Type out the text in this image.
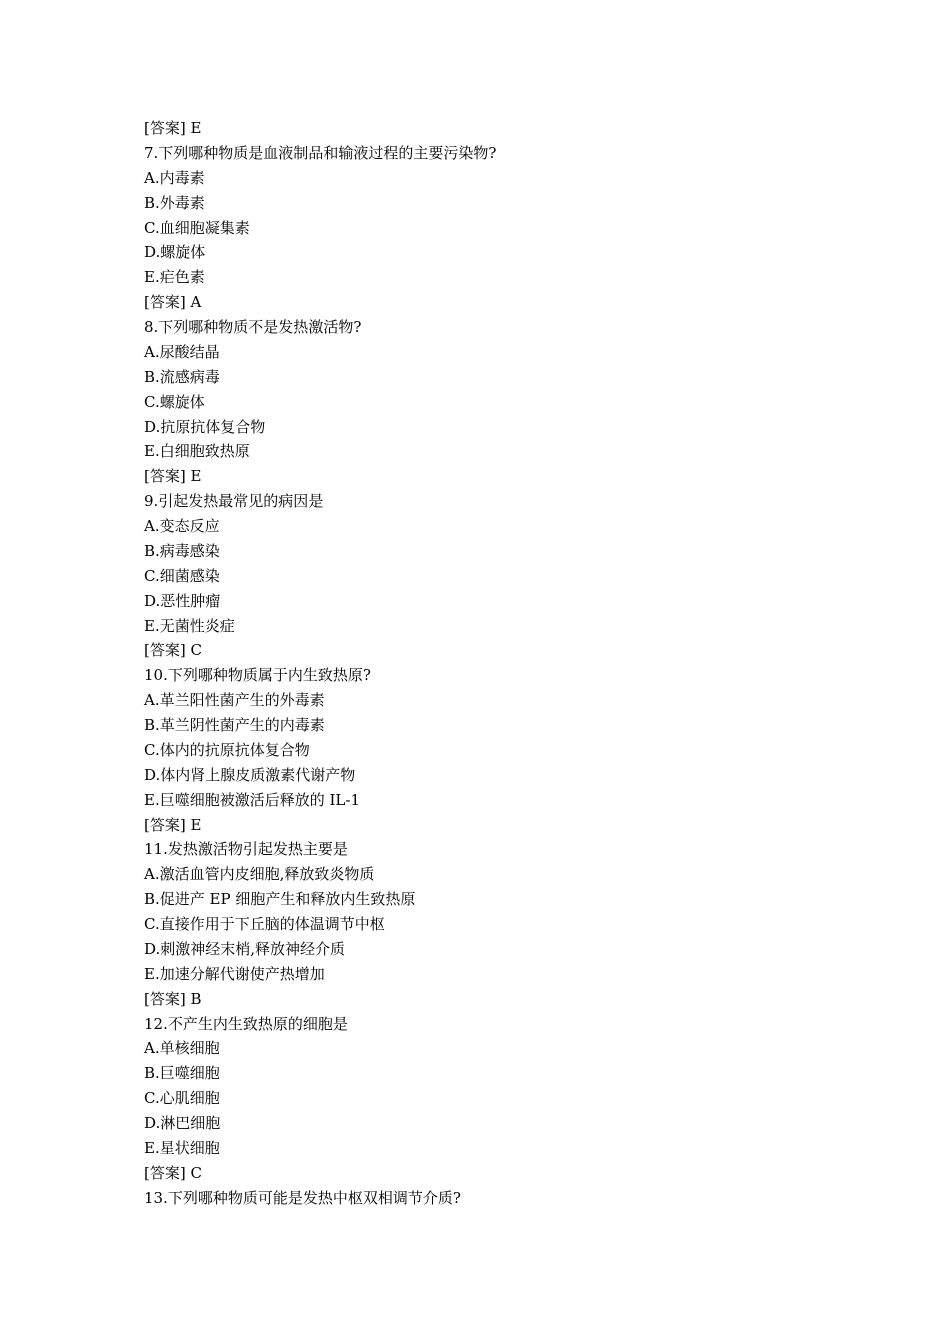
[答案] E
7.下列哪种物质是血液制品和输液过程的主要污染物?
A.内毒素
B.外毒素
C.血细胞凝集素
D.螺旋体
E.疟色素
[答案] A
8.下列哪种物质不是发热激活物?
A.尿酸结晶
B.流感病毒
C.螺旋体
D.抗原抗体复合物
E.白细胞致热原
[答案] E
9.引起发热最常见的病因是
A.变态反应
B.病毒感染
C.细菌感染
D.恶性肿瘤
E.无菌性炎症
[答案] C
10.下列哪种物质属于内生致热原?
A.革兰阳性菌产生的外毒素
B.革兰阴性菌产生的内毒素
C.体内的抗原抗体复合物
D.体内肾上腺皮质激素代谢产物
E.巨噬细胞被激活后释放的 IL-1
[答案] E
11.发热激活物引起发热主要是
A.激活血管内皮细胞,释放致炎物质
B.促进产 EP 细胞产生和释放内生致热原
C.直接作用于下丘脑的体温调节中枢
D.刺激神经末梢,释放神经介质
E.加速分解代谢使产热增加
[答案] B
12.不产生内生致热原的细胞是
A.单核细胞
B.巨噬细胞
C.心肌细胞
D.淋巴细胞
E.星状细胞
[答案] C
13.下列哪种物质可能是发热中枢双相调节介质?
